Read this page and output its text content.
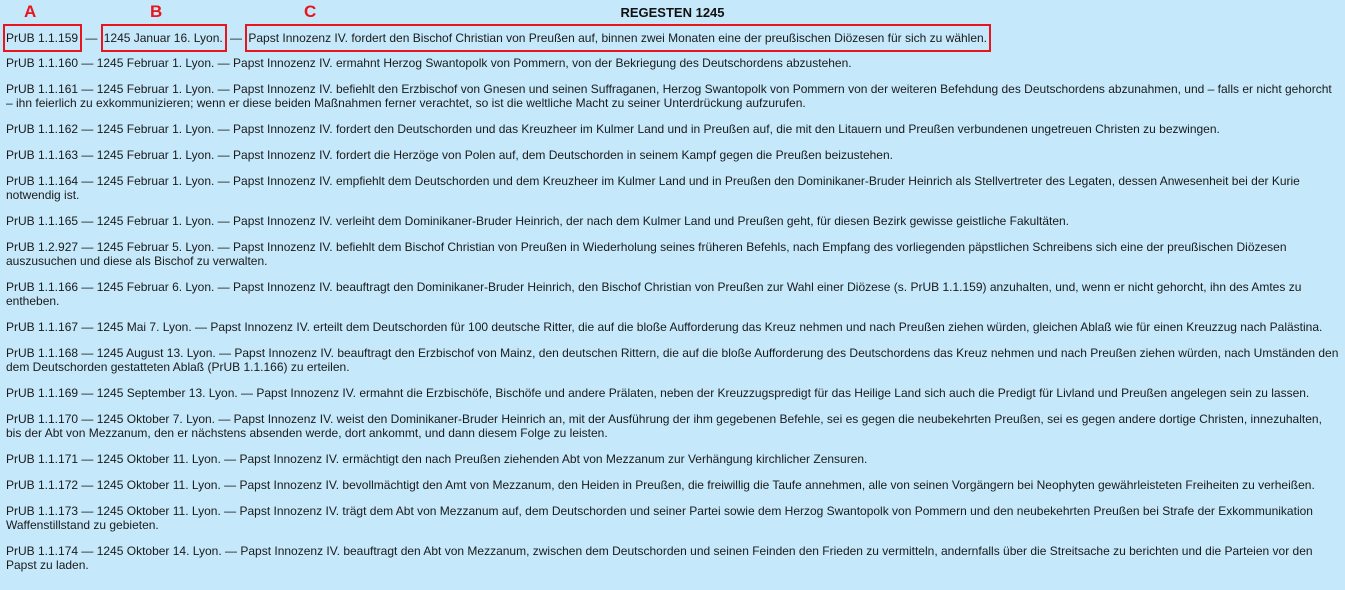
REGESTEN 1245
A	B	C
PrUB 1.1.159 — 1245 Januar 16. Lyon. — Papst Innozenz IV. fordert den Bischof Christian von Preußen auf, binnen zwei Monaten eine der preußischen Diözesen für sich zu wählen.
PrUB 1.1.160 — 1245 Februar 1. Lyon. — Papst Innozenz IV. ermahnt Herzog Swantopolk von Pommern, von der Bekriegung des Deutschordens abzustehen.
PrUB 1.1.161 — 1245 Februar 1. Lyon. — Papst Innozenz IV. befiehlt den Erzbischof von Gnesen und seinen Suffraganen, Herzog Swantopolk von Pommern von der weiteren Befehdung des Deutschordens abzunahmen, und – falls er nicht gehorcht – ihn feierlich zu exkommunizieren; wenn er diese beiden Maßnahmen ferner verachtet, so ist die weltliche Macht zu seiner Unterdrückung aufzurufen.
PrUB 1.1.162 — 1245 Februar 1. Lyon. — Papst Innozenz IV. fordert den Deutschorden und das Kreuzheer im Kulmer Land und in Preußen auf, die mit den Litauern und Preußen verbundenen ungetreuen Christen zu bezwingen.
PrUB 1.1.163 — 1245 Februar 1. Lyon. — Papst Innozenz IV. fordert die Herzöge von Polen auf, dem Deutschorden in seinem Kampf gegen die Preußen beizustehen.
PrUB 1.1.164 — 1245 Februar 1. Lyon. — Papst Innozenz IV. empfiehlt dem Deutschorden und dem Kreuzheer im Kulmer Land und in Preußen den Dominikaner-Bruder Heinrich als Stellvertreter des Legaten, dessen Anwesenheit bei der Kurie notwendig ist.
PrUB 1.1.165 — 1245 Februar 1. Lyon. — Papst Innozenz IV. verleiht dem Dominikaner-Bruder Heinrich, der nach dem Kulmer Land und Preußen geht, für diesen Bezirk gewisse geistliche Fakultäten.
PrUB 1.2.927 — 1245 Februar 5. Lyon. — Papst Innozenz IV. befiehlt dem Bischof Christian von Preußen in Wiederholung seines früheren Befehls, nach Empfang des vorliegenden päpstlichen Schreibens sich eine der preußischen Diözesen auszusuchen und diese als Bischof zu verwalten.
PrUB 1.1.166 — 1245 Februar 6. Lyon. — Papst Innozenz IV. beauftragt den Dominikaner-Bruder Heinrich, den Bischof Christian von Preußen zur Wahl einer Diözese (s. PrUB 1.1.159) anzuhalten, und, wenn er nicht gehorcht, ihn des Amtes zu entheben.
PrUB 1.1.167 — 1245 Mai 7. Lyon. — Papst Innozenz IV. erteilt dem Deutschorden für 100 deutsche Ritter, die auf die bloße Aufforderung das Kreuz nehmen und nach Preußen ziehen würden, gleichen Ablaß wie für einen Kreuzzug nach Palästina.
PrUB 1.1.168 — 1245 August 13. Lyon. — Papst Innozenz IV. beauftragt den Erzbischof von Mainz, den deutschen Rittern, die auf die bloße Aufforderung des Deutschordens das Kreuz nehmen und nach Preußen ziehen würden, nach Umständen den dem Deutschorden gestatteten Ablaß (PrUB 1.1.166) zu erteilen.
PrUB 1.1.169 — 1245 September 13. Lyon. — Papst Innozenz IV. ermahnt die Erzbischöfe, Bischöfe und andere Prälaten, neben der Kreuzzugspredigt für das Heilige Land sich auch die Predigt für Livland und Preußen angelegen sein zu lassen.
PrUB 1.1.170 — 1245 Oktober 7. Lyon. — Papst Innozenz IV. weist den Dominikaner-Bruder Heinrich an, mit der Ausführung der ihm gegebenen Befehle, sei es gegen die neubekehrten Preußen, sei es gegen andere dortige Christen, innezuhalten, bis der Abt von Mezzanum, den er nächstens absenden werde, dort ankommt, und dann diesem Folge zu leisten.
PrUB 1.1.171 — 1245 Oktober 11. Lyon. — Papst Innozenz IV. ermächtigt den nach Preußen ziehenden Abt von Mezzanum zur Verhängung kirchlicher Zensuren.
PrUB 1.1.172 — 1245 Oktober 11. Lyon. — Papst Innozenz IV. bevollmächtigt den Amt von Mezzanum, den Heiden in Preußen, die freiwillig die Taufe annehmen, alle von seinen Vorgängern bei Neophyten gewährleisteten Freiheiten zu verheißen.
PrUB 1.1.173 — 1245 Oktober 11. Lyon. — Papst Innozenz IV. trägt dem Abt von Mezzanum auf, dem Deutschorden und seiner Partei sowie dem Herzog Swantopolk von Pommern und den neubekehrten Preußen bei Strafe der Exkommunikation Waffenstillstand zu gebieten.
PrUB 1.1.174 — 1245 Oktober 14. Lyon. — Papst Innozenz IV. beauftragt den Abt von Mezzanum, zwischen dem Deutschorden und seinen Feinden den Frieden zu vermitteln, andernfalls über die Streitsache zu berichten und die Parteien vor den Papst zu laden.
